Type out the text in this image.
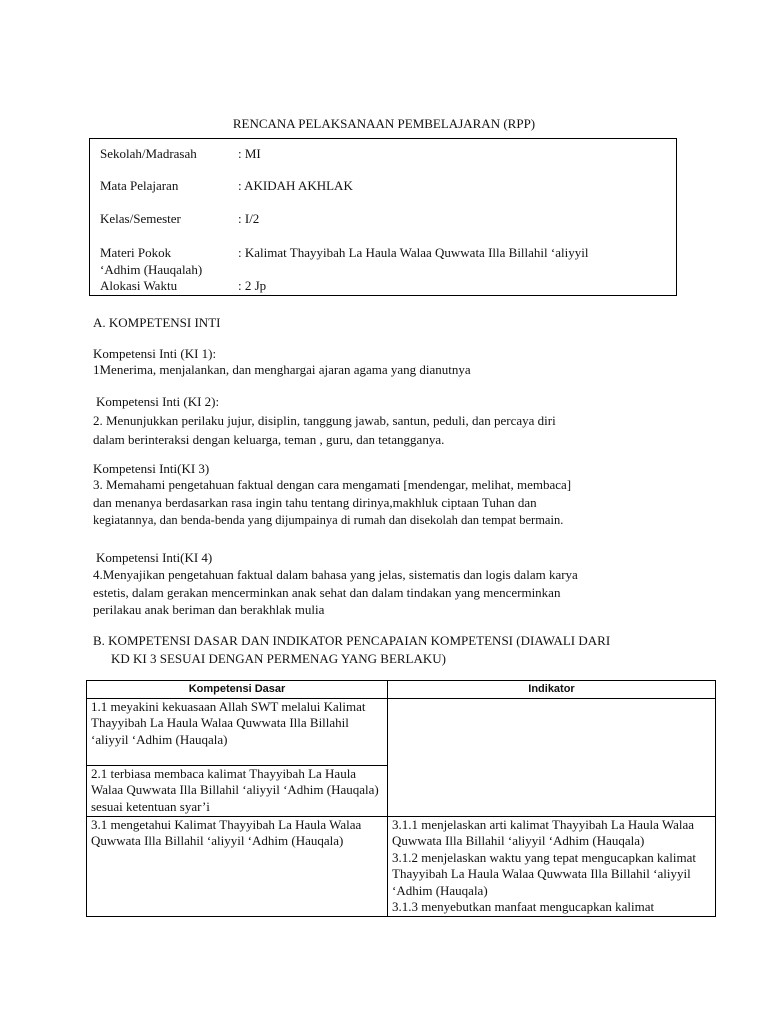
RENCANA PELAKSANAAN PEMBELAJARAN (RPP)
Sekolah/Madrasah	: MI
Mata Pelajaran	: AKIDAH AKHLAK
Kelas/Semester	: I/2
Materi Pokok	: Kalimat Thayyibah La Haula Walaa Quwwata Illa Billahil ‘aliyyil
‘Adhim (Hauqalah)
Alokasi Waktu	: 2 Jp
A. KOMPETENSI INTI
Kompetensi Inti (KI 1):
1Menerima, menjalankan, dan menghargai ajaran agama yang dianutnya
Kompetensi Inti (KI 2):
2. Menunjukkan perilaku jujur, disiplin, tanggung jawab, santun, peduli, dan percaya diri
dalam berinteraksi dengan keluarga, teman , guru, dan tetangganya.
Kompetensi Inti(KI 3)
3. Memahami pengetahuan faktual dengan cara mengamati [mendengar, melihat, membaca]
dan menanya berdasarkan rasa ingin tahu tentang dirinya,makhluk ciptaan Tuhan dan
kegiatannya, dan benda-benda yang dijumpainya di rumah dan disekolah dan tempat bermain.
Kompetensi Inti(KI 4)
4.Menyajikan pengetahuan faktual dalam bahasa yang jelas, sistematis dan logis dalam karya
estetis, dalam gerakan mencerminkan anak sehat dan dalam tindakan yang mencerminkan
perilakau anak beriman dan berakhlak mulia
B. KOMPETENSI DASAR DAN INDIKATOR PENCAPAIAN KOMPETENSI (DIAWALI DARI
KD KI 3 SESUAI DENGAN PERMENAG YANG BERLAKU)
Kompetensi Dasar	Indikator

1.1 meyakini kekuasaan Allah SWT melalui Kalimat Thayyibah La Haula Walaa Quwwata Illa Billahil ‘aliyyil ‘Adhim (Hauqala)	

2.1 terbiasa membaca kalimat Thayyibah La Haula Walaa Quwwata Illa Billahil ‘aliyyil ‘Adhim (Hauqala) sesuai ketentuan syar’i	

3.1 mengetahui Kalimat Thayyibah La Haula Walaa Quwwata Illa Billahil ‘aliyyil ‘Adhim (Hauqala)	3.1.1 menjelaskan arti kalimat Thayyibah La Haula Walaa Quwwata Illa Billahil ‘aliyyil ‘Adhim (Hauqala)
3.1.2 menjelaskan waktu yang tepat mengucapkan kalimat Thayyibah La Haula Walaa Quwwata Illa Billahil ‘aliyyil ‘Adhim (Hauqala)
3.1.3 menyebutkan manfaat mengucapkan kalimat
